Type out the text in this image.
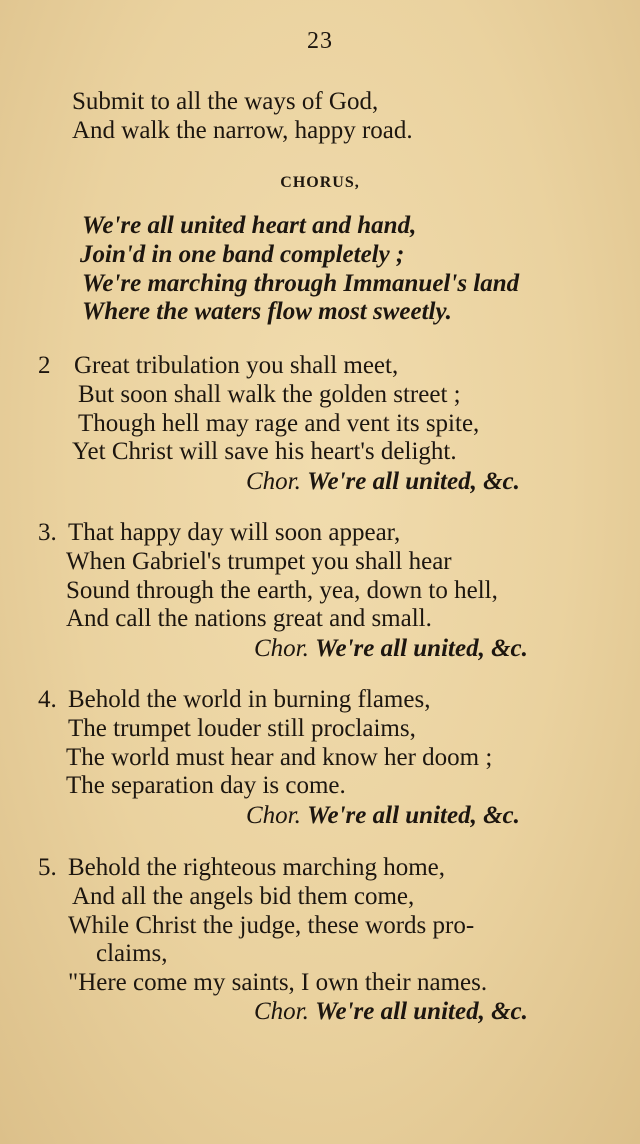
23
Submit to all the ways of God,
And walk the narrow, happy road.
CHORUS,
We're all united heart and hand,
Join'd in one band completely ;
We're marching through Immanuel's land
Where the waters flow most sweetly.
2 Great tribulation you shall meet,
But soon shall walk the golden street ;
Though hell may rage and vent its spite,
Yet Christ will save his heart's delight.
Chor. We're all united, &c.
3. That happy day will soon appear,
When Gabriel's trumpet you shall hear
Sound through the earth, yea, down to hell,
And call the nations great and small.
Chor. We're all united, &c.
4. Behold the world in burning flames,
The trumpet louder still proclaims,
The world must hear and know her doom ;
The separation day is come.
Chor. We're all united, &c.
5. Behold the righteous marching home,
And all the angels bid them come,
While Christ the judge, these words pro-
claims,
"Here come my saints, I own their names.
Chor. We're all united, &c.
